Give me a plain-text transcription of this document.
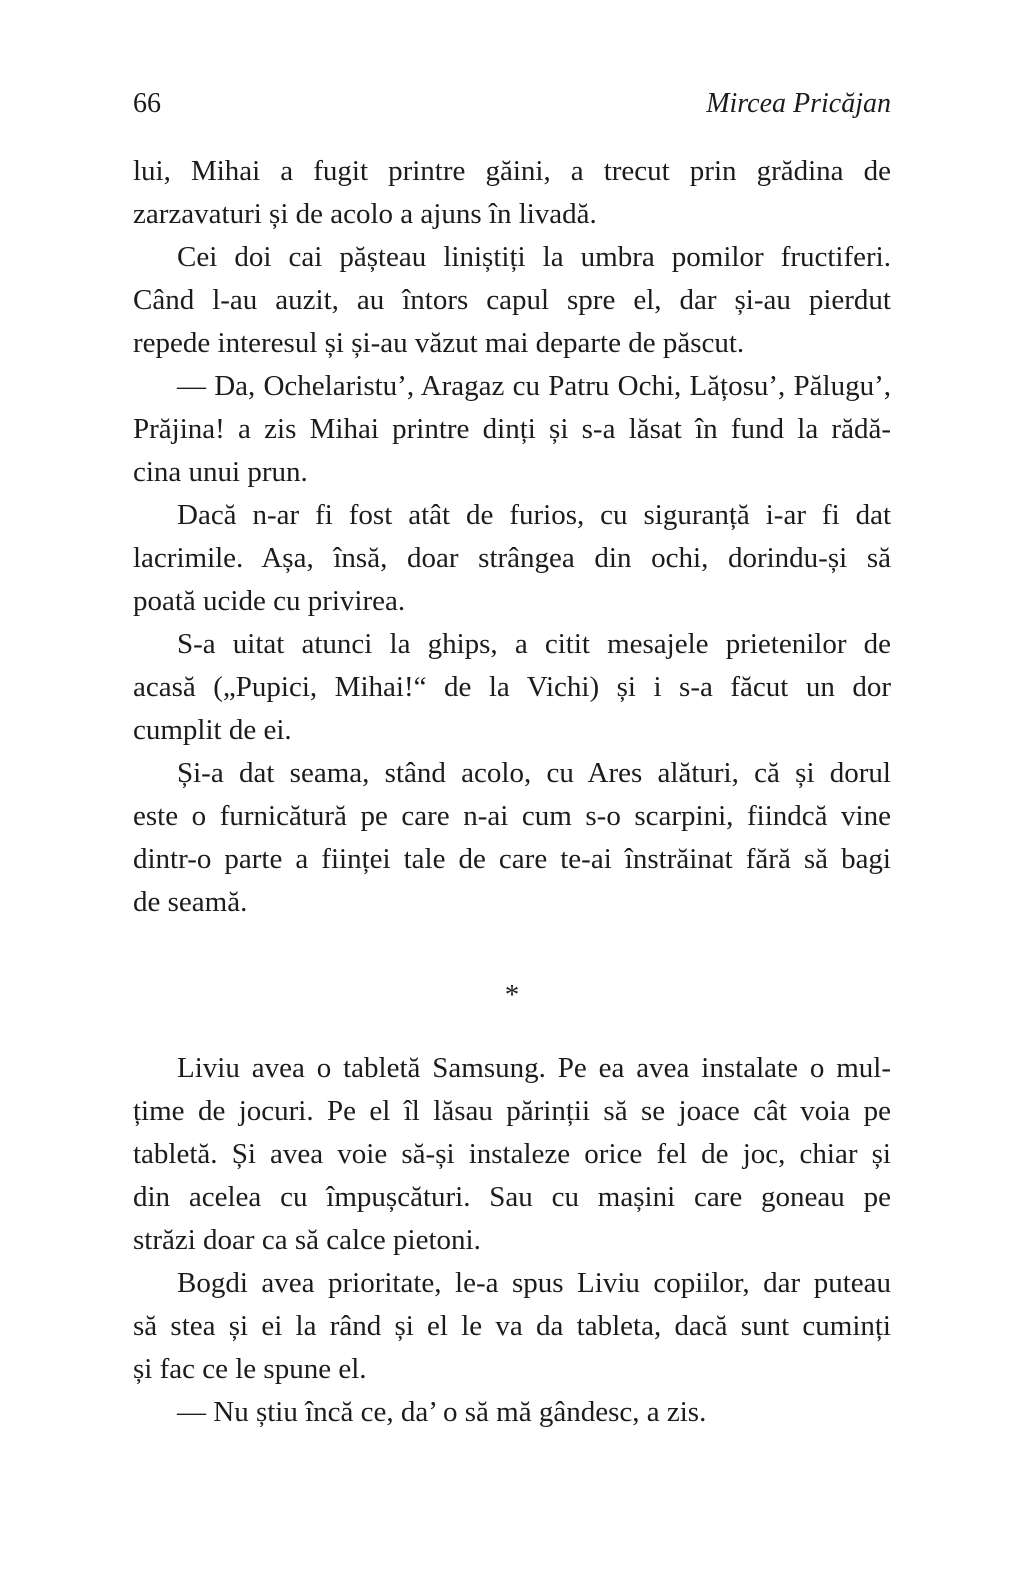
66	Mircea Pricăjan
lui, Mihai a fugit printre găini, a trecut prin grădina de
zarzavaturi și de acolo a ajuns în livadă.
Cei doi cai pășteau liniștiți la umbra pomilor fructiferi.
Când l-au auzit, au întors capul spre el, dar și-au pierdut
repede interesul și și-au văzut mai departe de păscut.
— Da, Ochelaristu’, Aragaz cu Patru Ochi, Lățosu’, Pălugu’,
Prăjina! a zis Mihai printre dinți și s-a lăsat în fund la rădă-
cina unui prun.
Dacă n-ar fi fost atât de furios, cu siguranță i-ar fi dat
lacrimile. Așa, însă, doar strângea din ochi, dorindu-și să
poată ucide cu privirea.
S-a uitat atunci la ghips, a citit mesajele prietenilor de
acasă („Pupici, Mihai!“ de la Vichi) și i s-a făcut un dor
cumplit de ei.
Și-a dat seama, stând acolo, cu Ares alături, că și dorul
este o furnicătură pe care n-ai cum s-o scarpini, fiindcă vine
dintr-o parte a ființei tale de care te-ai înstrăinat fără să bagi
de seamă.
*
Liviu avea o tabletă Samsung. Pe ea avea instalate o mul-
țime de jocuri. Pe el îl lăsau părinții să se joace cât voia pe
tabletă. Și avea voie să-și instaleze orice fel de joc, chiar și
din acelea cu împușcături. Sau cu mașini care goneau pe
străzi doar ca să calce pietoni.
Bogdi avea prioritate, le-a spus Liviu copiilor, dar puteau
să stea și ei la rând și el le va da tableta, dacă sunt cuminți
și fac ce le spune el.
— Nu știu încă ce, da’ o să mă gândesc, a zis.
